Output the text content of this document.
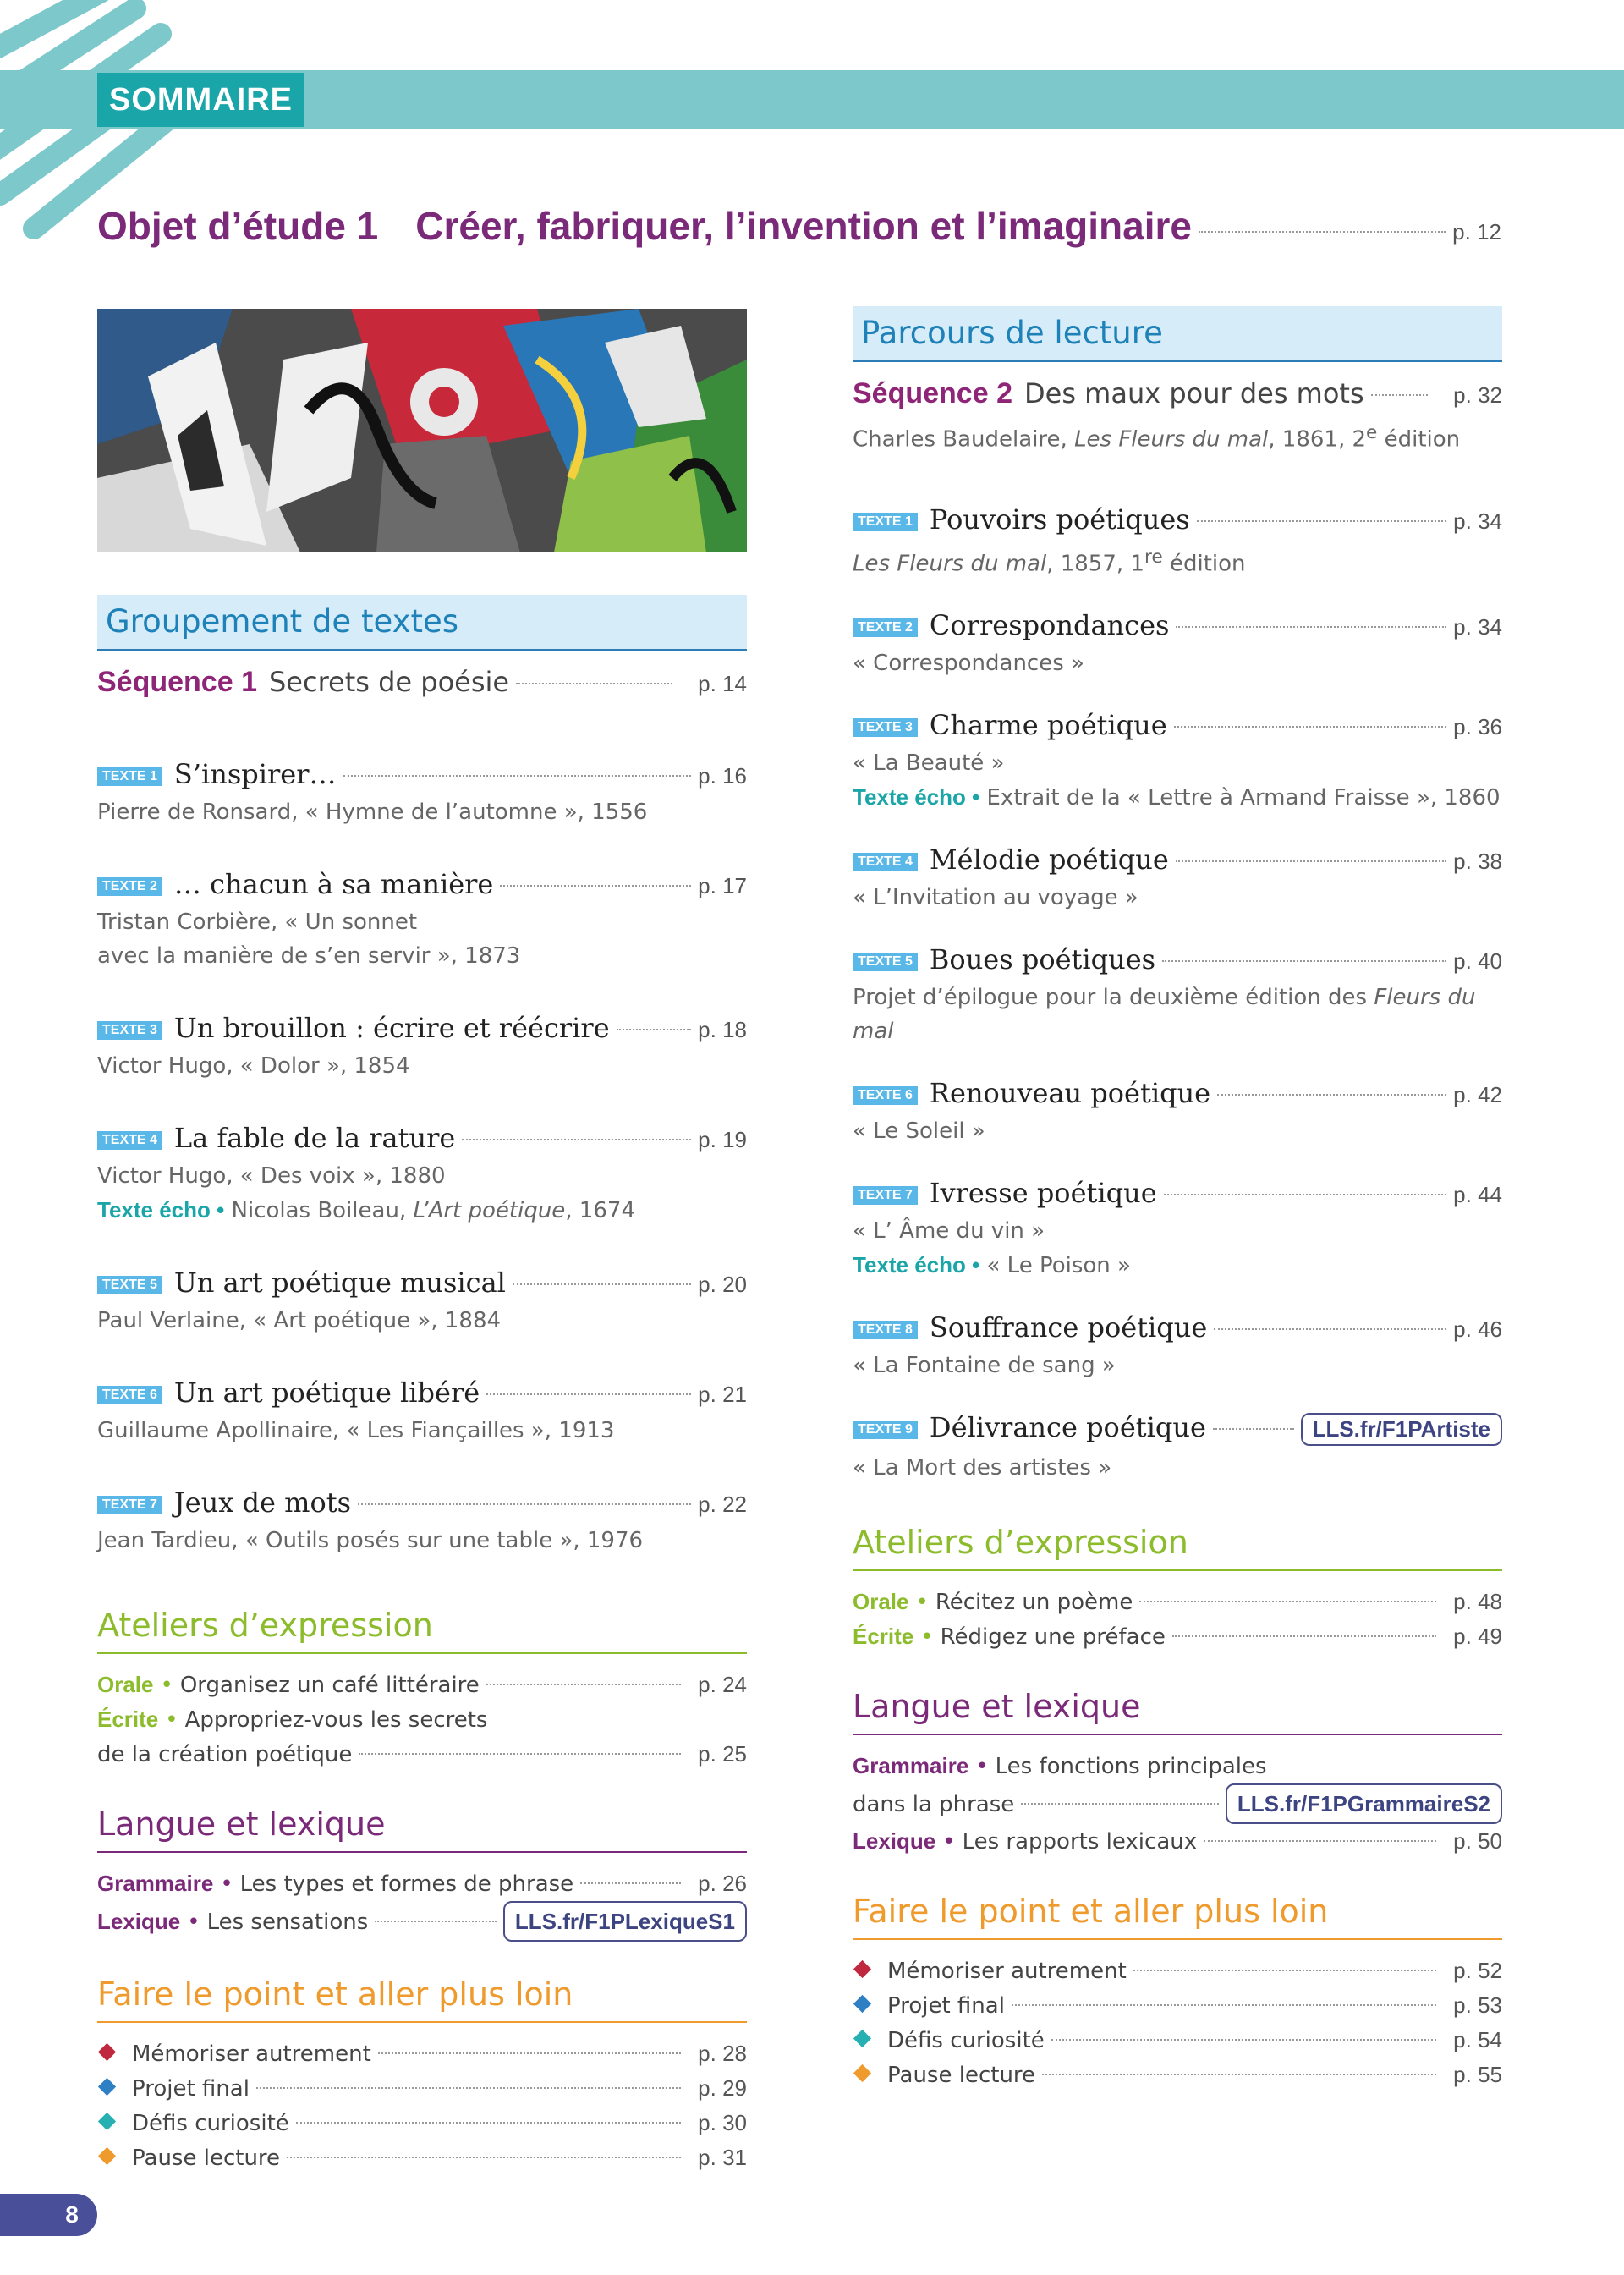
SOMMAIRE
Objet d’étude 1 Créer, fabriquer, l’invention et l’imaginaire	p. 12
Groupement de textes
Séquence 1 Secrets de poésie	p. 14
TEXTE 1 S’inspirer…	p. 16
Pierre de Ronsard, « Hymne de l’automne », 1556
TEXTE 2 … chacun à sa manière	p. 17
Tristan Corbière, « Un sonnet
avec la manière de s’en servir », 1873
TEXTE 3 Un brouillon : écrire et réécrire	p. 18
Victor Hugo, « Dolor », 1854
TEXTE 4 La fable de la rature	p. 19
Victor Hugo, « Des voix », 1880
Texte écho • Nicolas Boileau, L’Art poétique, 1674
TEXTE 5 Un art poétique musical	p. 20
Paul Verlaine, « Art poétique », 1884
TEXTE 6 Un art poétique libéré	p. 21
Guillaume Apollinaire, « Les Fiançailles », 1913
TEXTE 7 Jeux de mots	p. 22
Jean Tardieu, « Outils posés sur une table », 1976
Ateliers d’expression
Orale • Organisez un café littéraire	p. 24
Écrite • Appropriez-vous les secrets
de la création poétique	p. 25
Langue et lexique
Grammaire • Les types et formes de phrase	p. 26
Lexique • Les sensations	LLS.fr/F1PLexiqueS1
Faire le point et aller plus loin
Mémoriser autrement	p. 28
Projet final	p. 29
Défis curiosité	p. 30
Pause lecture	p. 31
Parcours de lecture
Séquence 2 Des maux pour des mots	p. 32
Charles Baudelaire, Les Fleurs du mal, 1861, 2e édition
TEXTE 1 Pouvoirs poétiques	p. 34
Les Fleurs du mal, 1857, 1re édition
TEXTE 2 Correspondances	p. 34
« Correspondances »
TEXTE 3 Charme poétique	p. 36
« La Beauté »
Texte écho • Extrait de la « Lettre à Armand Fraisse », 1860
TEXTE 4 Mélodie poétique	p. 38
« L’Invitation au voyage »
TEXTE 5 Boues poétiques	p. 40
Projet d’épilogue pour la deuxième édition des Fleurs du mal
TEXTE 6 Renouveau poétique	p. 42
« Le Soleil »
TEXTE 7 Ivresse poétique	p. 44
« L’ Âme du vin »
Texte écho • « Le Poison »
TEXTE 8 Souffrance poétique	p. 46
« La Fontaine de sang »
TEXTE 9 Délivrance poétique	LLS.fr/F1PArtiste
« La Mort des artistes »
Ateliers d’expression
Orale • Récitez un poème	p. 48
Écrite • Rédigez une préface	p. 49
Langue et lexique
Grammaire • Les fonctions principales
dans la phrase	LLS.fr/F1PGrammaireS2
Lexique • Les rapports lexicaux	p. 50
Faire le point et aller plus loin
Mémoriser autrement	p. 52
Projet final	p. 53
Défis curiosité	p. 54
Pause lecture	p. 55
8
